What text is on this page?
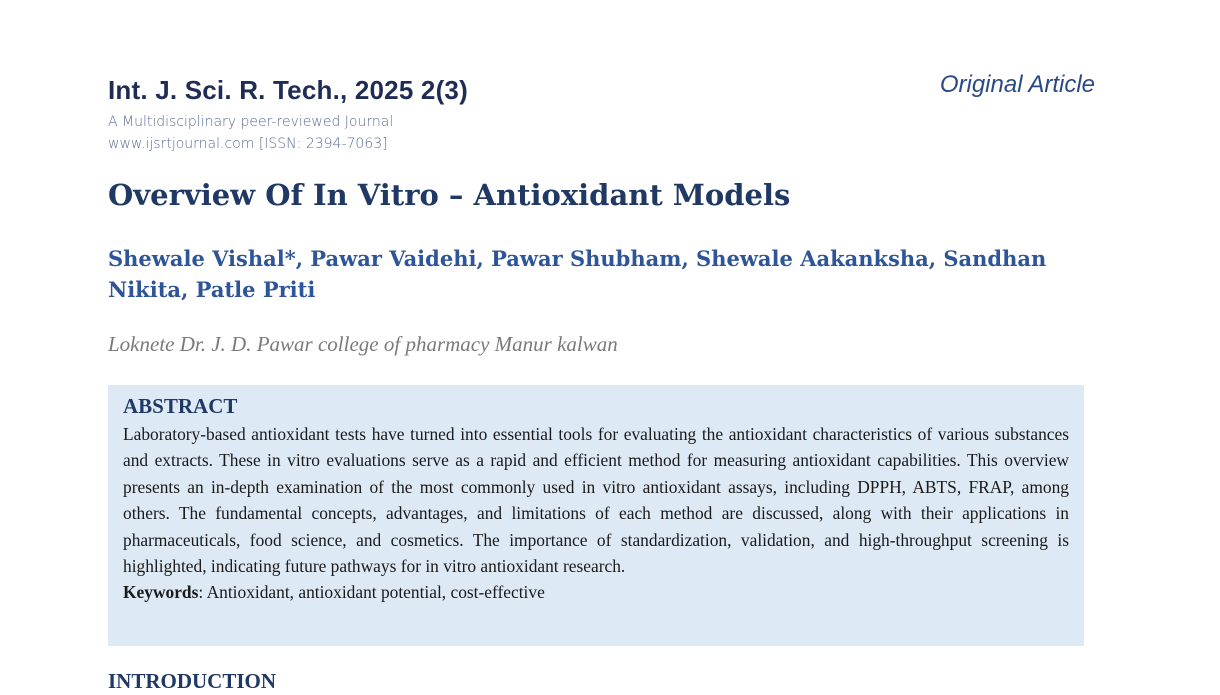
Int. J. Sci. R. Tech., 2025 2(3)
A Multidisciplinary peer-reviewed Journal
www.ijsrtjournal.com [ISSN: 2394-7063]
Original Article
Overview Of In Vitro – Antioxidant Models
Shewale Vishal*, Pawar Vaidehi, Pawar Shubham, Shewale Aakanksha, Sandhan Nikita, Patle Priti
Loknete Dr. J. D. Pawar college of pharmacy Manur kalwan
ABSTRACT

Laboratory-based antioxidant tests have turned into essential tools for evaluating the antioxidant characteristics of various substances and extracts. These in vitro evaluations serve as a rapid and efficient method for measuring antioxidant capabilities. This overview presents an in-depth examination of the most commonly used in vitro antioxidant assays, including DPPH, ABTS, FRAP, among others. The fundamental concepts, advantages, and limitations of each method are discussed, along with their applications in pharmaceuticals, food science, and cosmetics. The importance of standardization, validation, and high-throughput screening is highlighted, indicating future pathways for in vitro antioxidant research.

Keywords: Antioxidant, antioxidant potential, cost-effective

INTRODUCTION
